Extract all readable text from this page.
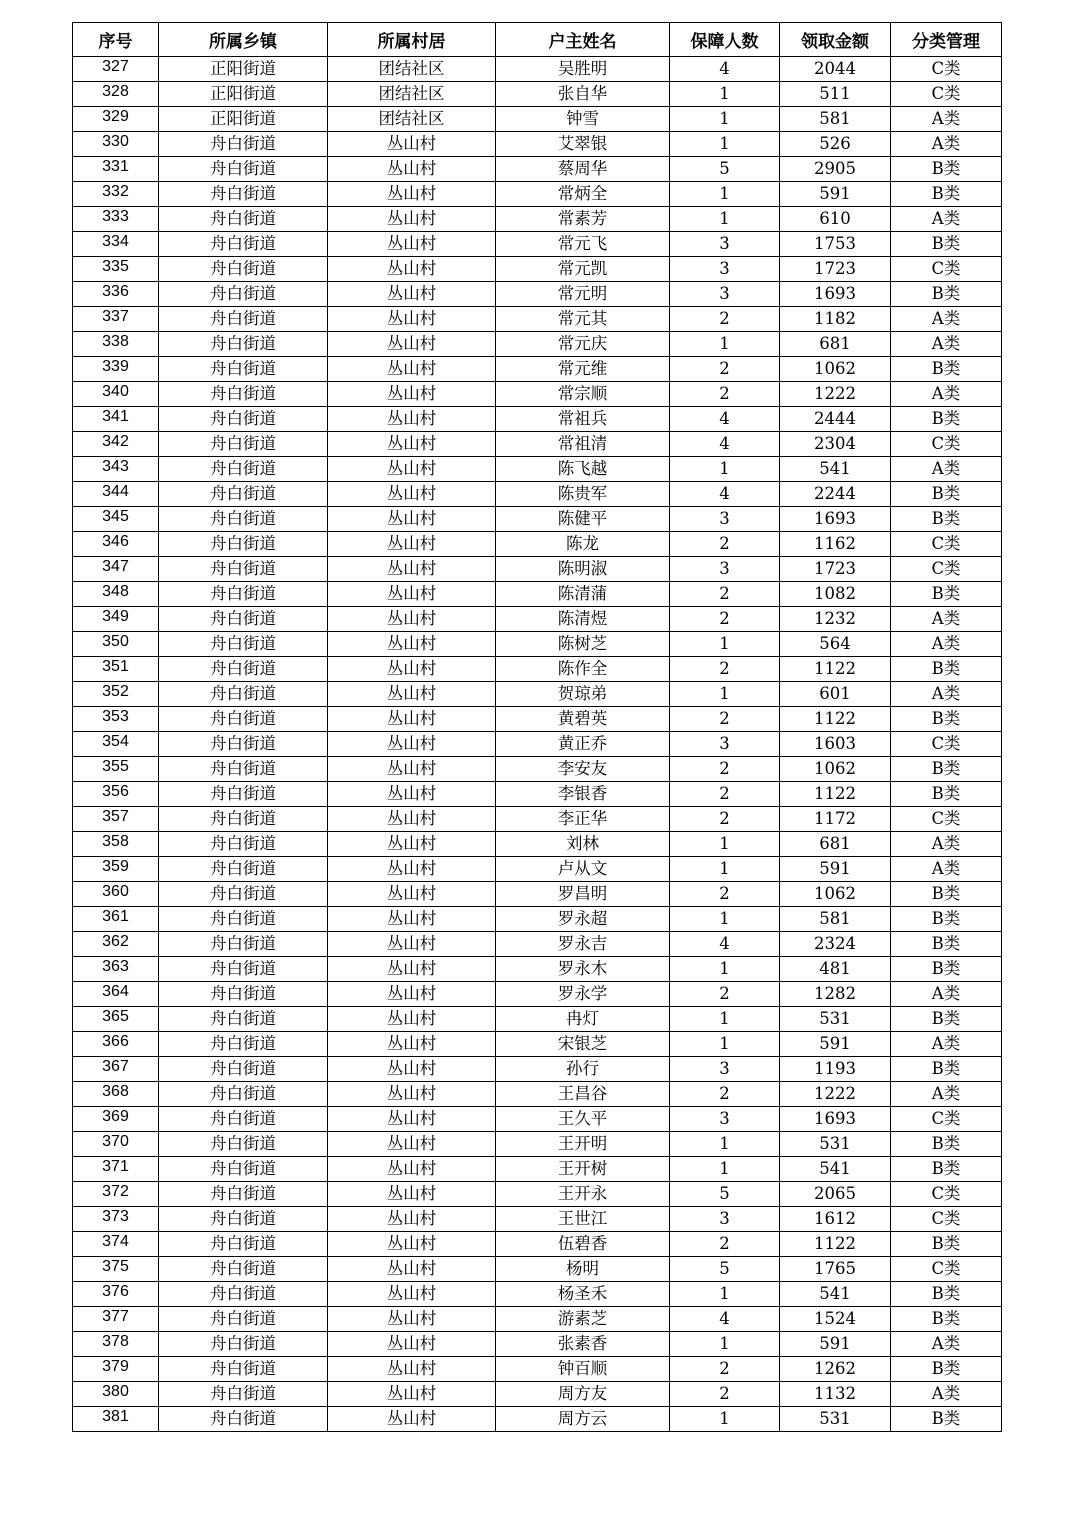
序号	所属乡镇	所属村居	户主姓名	保障人数	领取金额	分类管理
327	正阳街道	团结社区	吴胜明	4	2044	C类
328	正阳街道	团结社区	张自华	1	511	C类
329	正阳街道	团结社区	钟雪	1	581	A类
330	舟白街道	丛山村	艾翠银	1	526	A类
331	舟白街道	丛山村	蔡周华	5	2905	B类
332	舟白街道	丛山村	常炳全	1	591	B类
333	舟白街道	丛山村	常素芳	1	610	A类
334	舟白街道	丛山村	常元飞	3	1753	B类
335	舟白街道	丛山村	常元凯	3	1723	C类
336	舟白街道	丛山村	常元明	3	1693	B类
337	舟白街道	丛山村	常元其	2	1182	A类
338	舟白街道	丛山村	常元庆	1	681	A类
339	舟白街道	丛山村	常元维	2	1062	B类
340	舟白街道	丛山村	常宗顺	2	1222	A类
341	舟白街道	丛山村	常祖兵	4	2444	B类
342	舟白街道	丛山村	常祖清	4	2304	C类
343	舟白街道	丛山村	陈飞越	1	541	A类
344	舟白街道	丛山村	陈贵军	4	2244	B类
345	舟白街道	丛山村	陈健平	3	1693	B类
346	舟白街道	丛山村	陈龙	2	1162	C类
347	舟白街道	丛山村	陈明淑	3	1723	C类
348	舟白街道	丛山村	陈清蒲	2	1082	B类
349	舟白街道	丛山村	陈清煜	2	1232	A类
350	舟白街道	丛山村	陈树芝	1	564	A类
351	舟白街道	丛山村	陈作全	2	1122	B类
352	舟白街道	丛山村	贺琼弟	1	601	A类
353	舟白街道	丛山村	黄碧英	2	1122	B类
354	舟白街道	丛山村	黄正乔	3	1603	C类
355	舟白街道	丛山村	李安友	2	1062	B类
356	舟白街道	丛山村	李银香	2	1122	B类
357	舟白街道	丛山村	李正华	2	1172	C类
358	舟白街道	丛山村	刘林	1	681	A类
359	舟白街道	丛山村	卢从文	1	591	A类
360	舟白街道	丛山村	罗昌明	2	1062	B类
361	舟白街道	丛山村	罗永超	1	581	B类
362	舟白街道	丛山村	罗永吉	4	2324	B类
363	舟白街道	丛山村	罗永木	1	481	B类
364	舟白街道	丛山村	罗永学	2	1282	A类
365	舟白街道	丛山村	冉灯	1	531	B类
366	舟白街道	丛山村	宋银芝	1	591	A类
367	舟白街道	丛山村	孙行	3	1193	B类
368	舟白街道	丛山村	王昌谷	2	1222	A类
369	舟白街道	丛山村	王久平	3	1693	C类
370	舟白街道	丛山村	王开明	1	531	B类
371	舟白街道	丛山村	王开树	1	541	B类
372	舟白街道	丛山村	王开永	5	2065	C类
373	舟白街道	丛山村	王世江	3	1612	C类
374	舟白街道	丛山村	伍碧香	2	1122	B类
375	舟白街道	丛山村	杨明	5	1765	C类
376	舟白街道	丛山村	杨圣禾	1	541	B类
377	舟白街道	丛山村	游素芝	4	1524	B类
378	舟白街道	丛山村	张素香	1	591	A类
379	舟白街道	丛山村	钟百顺	2	1262	B类
380	舟白街道	丛山村	周方友	2	1132	A类
381	舟白街道	丛山村	周方云	1	531	B类
